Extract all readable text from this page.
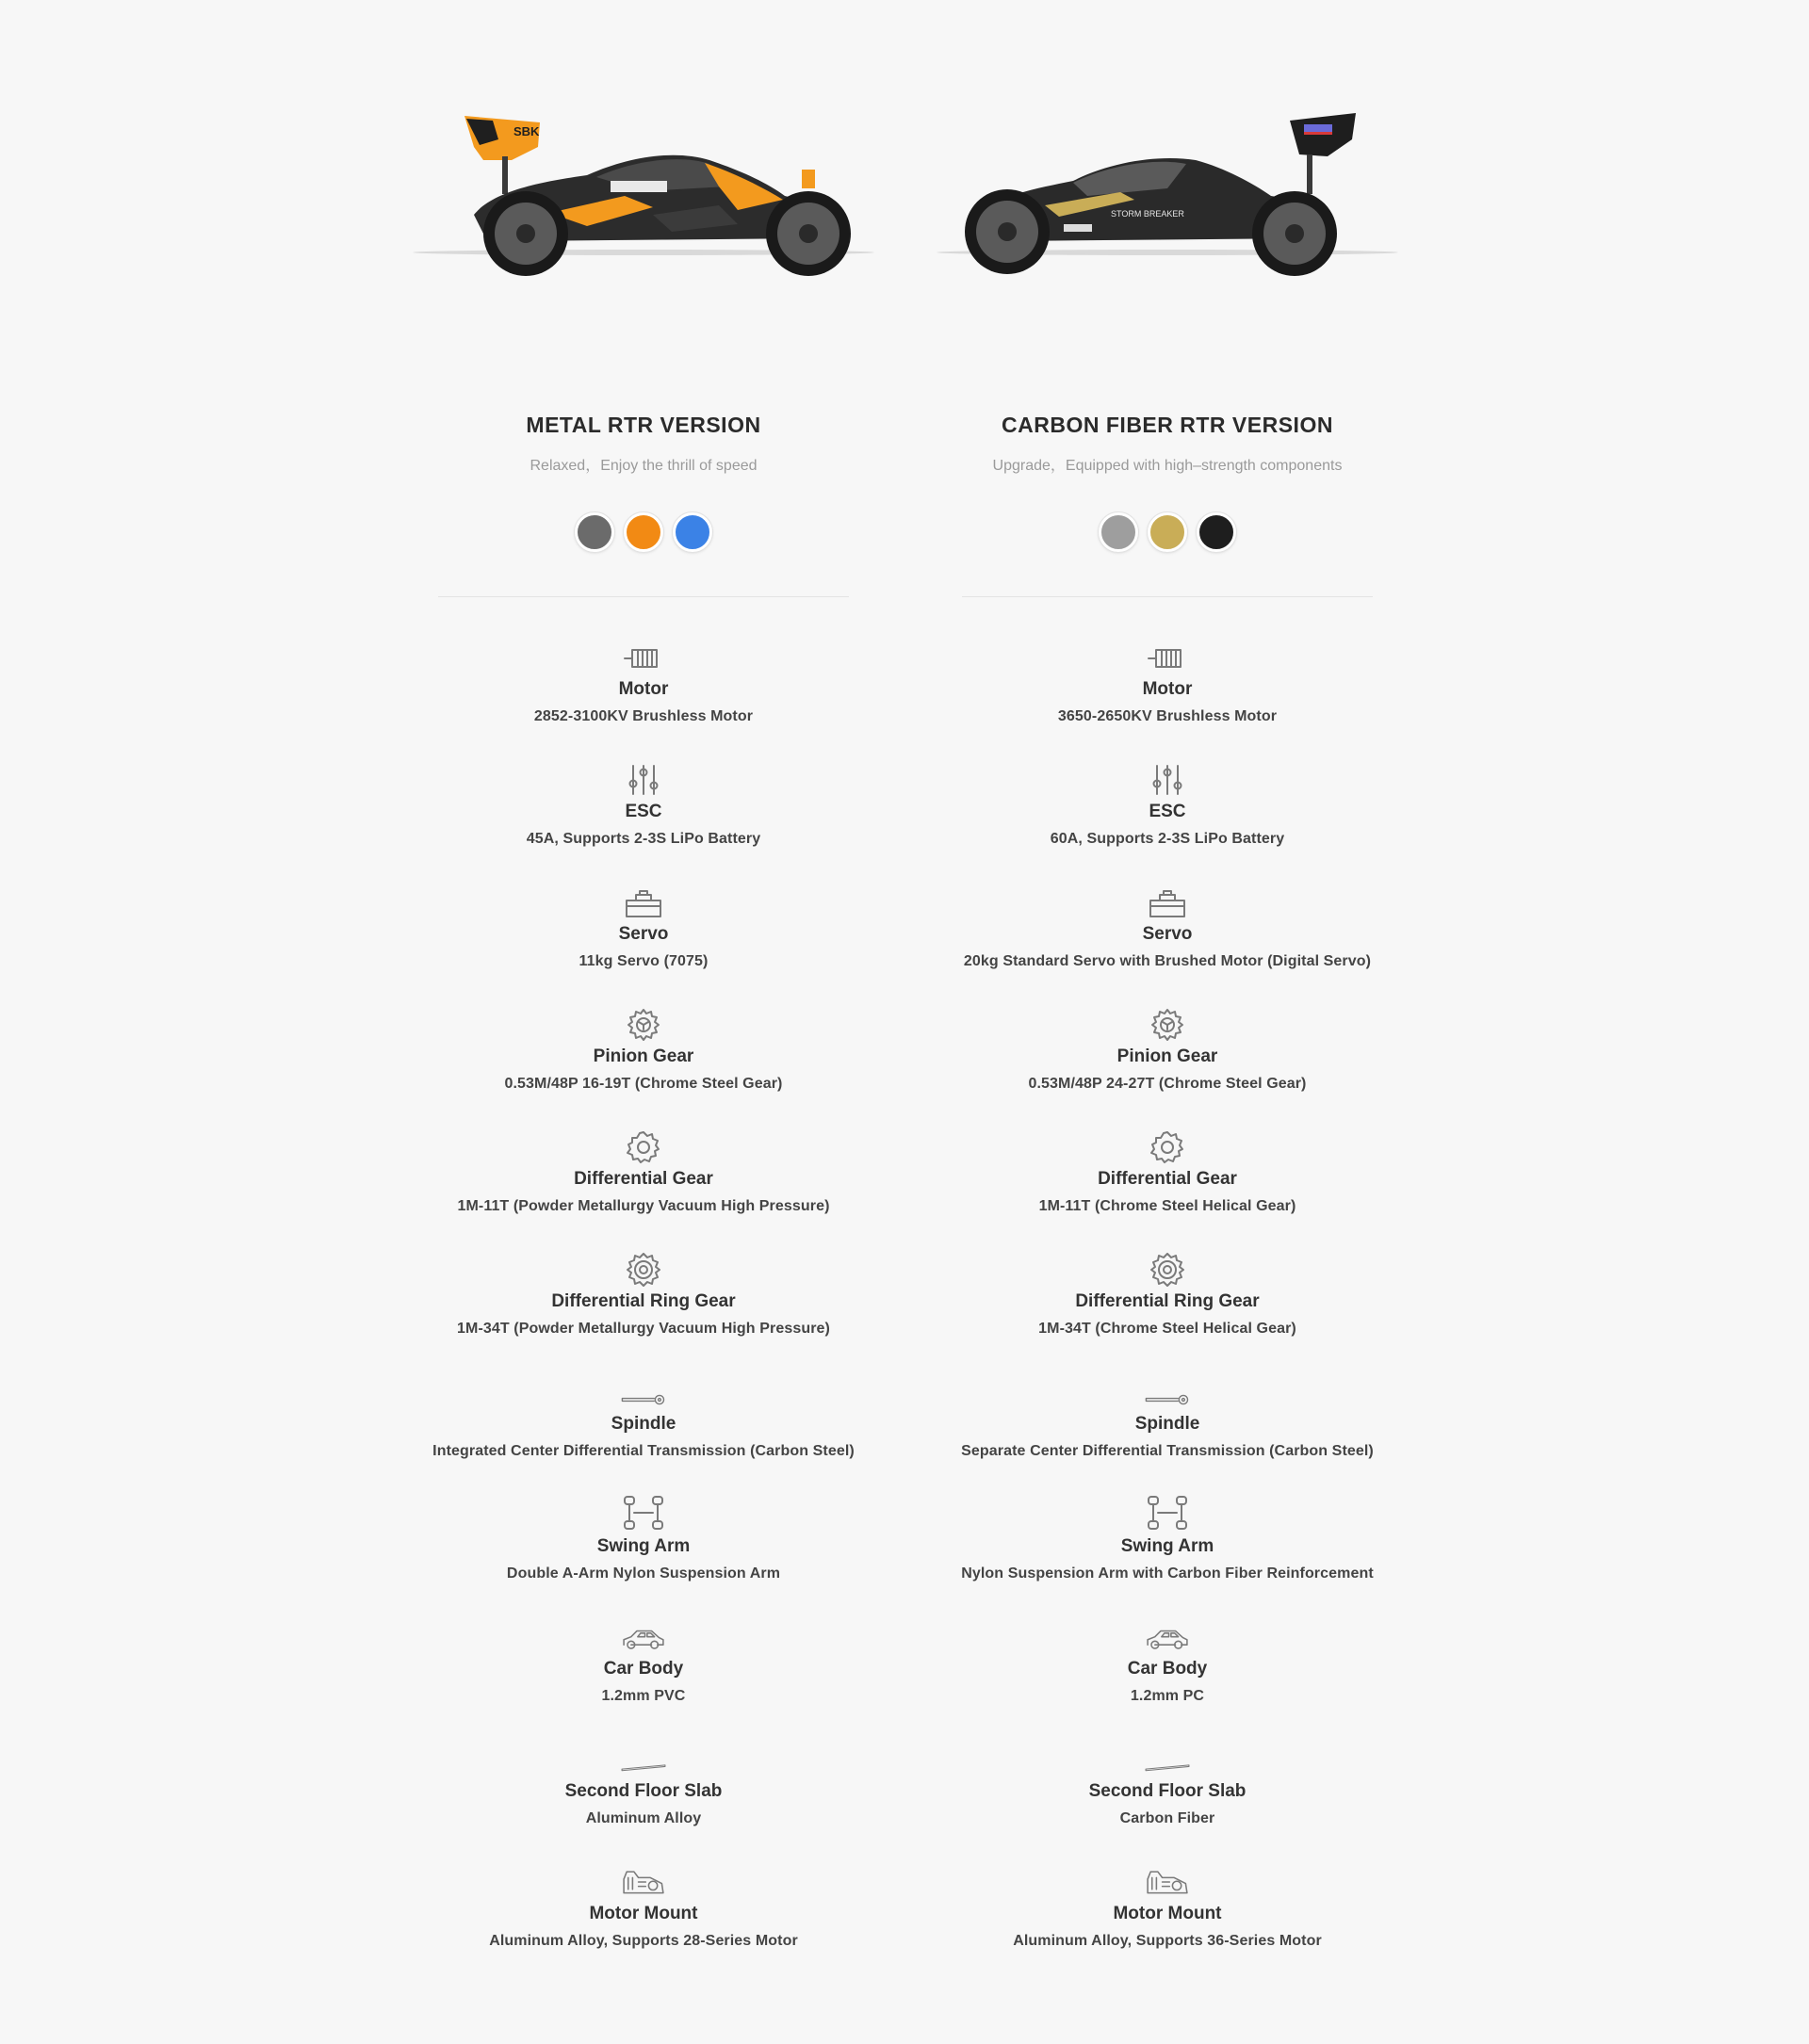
SBK
METAL RTR VERSION
Relaxed，Enjoy the thrill of speed
Motor
2852-3100KV Brushless Motor
ESC
45A, Supports 2-3S LiPo Battery
Servo
11kg Servo (7075)
Pinion Gear
0.53M/48P 16-19T (Chrome Steel Gear)
Differential Gear
1M-11T (Powder Metallurgy Vacuum High Pressure)
Differential Ring Gear
1M-34T (Powder Metallurgy Vacuum High Pressure)
Spindle
Integrated Center Differential Transmission (Carbon Steel)
Swing Arm
Double A-Arm Nylon Suspension Arm
Car Body
1.2mm PVC
Second Floor Slab
Aluminum Alloy
Motor Mount
Aluminum Alloy, Supports 28-Series Motor
STORM BREAKER
CARBON FIBER RTR VERSION
Upgrade，Equipped with high–strength components
Motor
3650-2650KV Brushless Motor
ESC
60A, Supports 2-3S LiPo Battery
Servo
20kg Standard Servo with Brushed Motor (Digital Servo)
Pinion Gear
0.53M/48P 24-27T (Chrome Steel Gear)
Differential Gear
1M-11T (Chrome Steel Helical Gear)
Differential Ring Gear
1M-34T (Chrome Steel Helical Gear)
Spindle
Separate Center Differential Transmission (Carbon Steel)
Swing Arm
Nylon Suspension Arm with Carbon Fiber Reinforcement
Car Body
1.2mm PC
Second Floor Slab
Carbon Fiber
Motor Mount
Aluminum Alloy, Supports 36-Series Motor
